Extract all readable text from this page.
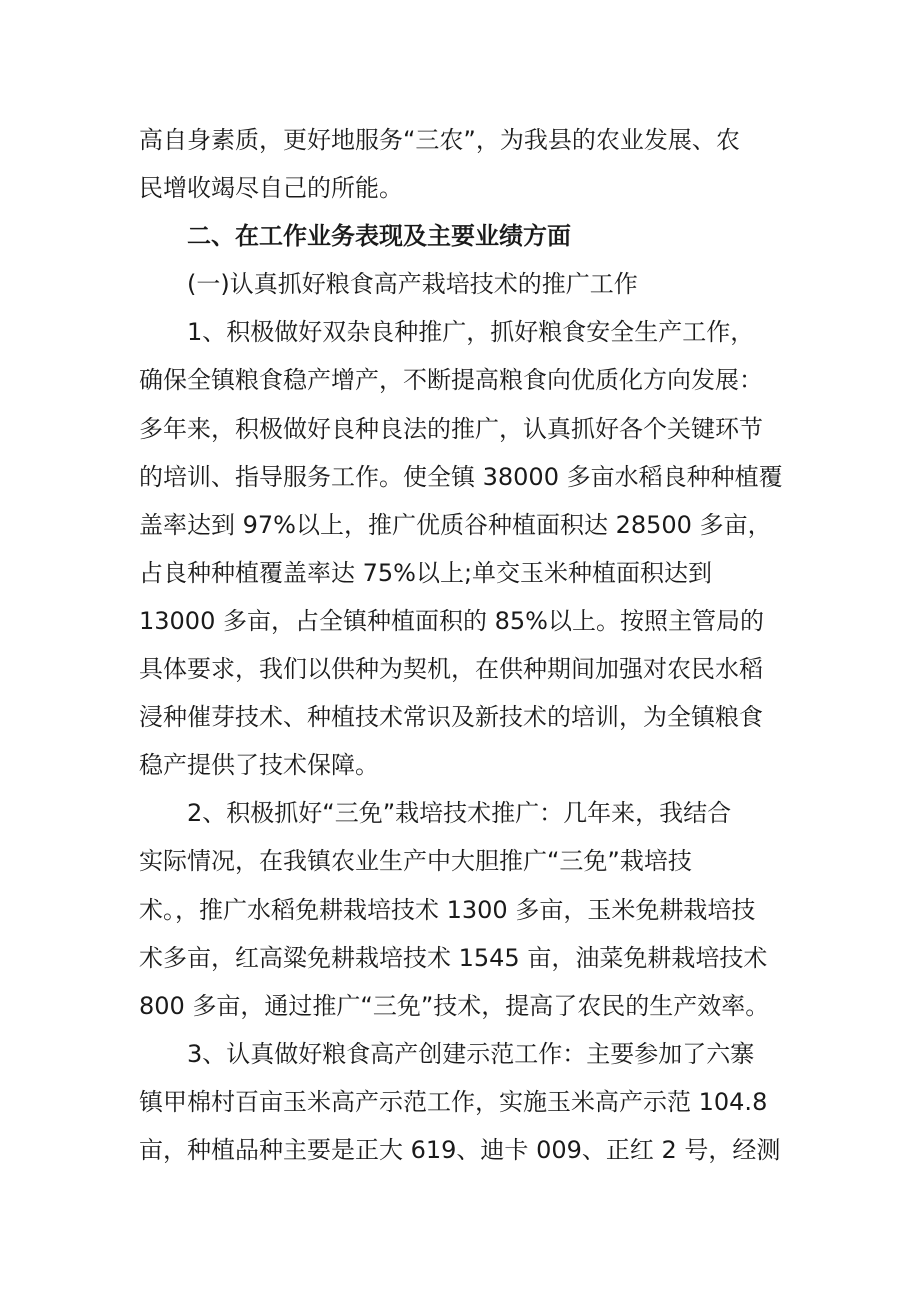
高自身素质，更好地服务“三农”，为我县的农业发展、农
民增收竭尽自己的所能。
二、在工作业务表现及主要业绩方面
(一)认真抓好粮食高产栽培技术的推广工作
1、积极做好双杂良种推广，抓好粮食安全生产工作，
确保全镇粮食稳产增产，不断提高粮食向优质化方向发展：
多年来，积极做好良种良法的推广，认真抓好各个关键环节
的培训、指导服务工作。使全镇 38000 多亩水稻良种种植覆
盖率达到 97%以上，推广优质谷种植面积达 28500 多亩，
占良种种植覆盖率达 75%以上;单交玉米种植面积达到
13000 多亩，占全镇种植面积的 85%以上。按照主管局的
具体要求，我们以供种为契机，在供种期间加强对农民水稻
浸种催芽技术、种植技术常识及新技术的培训，为全镇粮食
稳产提供了技术保障。
2、积极抓好“三免”栽培技术推广：几年来，我结合
实际情况，在我镇农业生产中大胆推广“三免”栽培技
术。，推广水稻免耕栽培技术 1300 多亩，玉米免耕栽培技
术多亩，红高粱免耕栽培技术 1545 亩，油菜免耕栽培技术
800 多亩，通过推广“三免”技术，提高了农民的生产效率。
3、认真做好粮食高产创建示范工作：主要参加了六寨
镇甲棉村百亩玉米高产示范工作，实施玉米高产示范 104.8
亩，种植品种主要是正大 619、迪卡 009、正红 2 号，经测
